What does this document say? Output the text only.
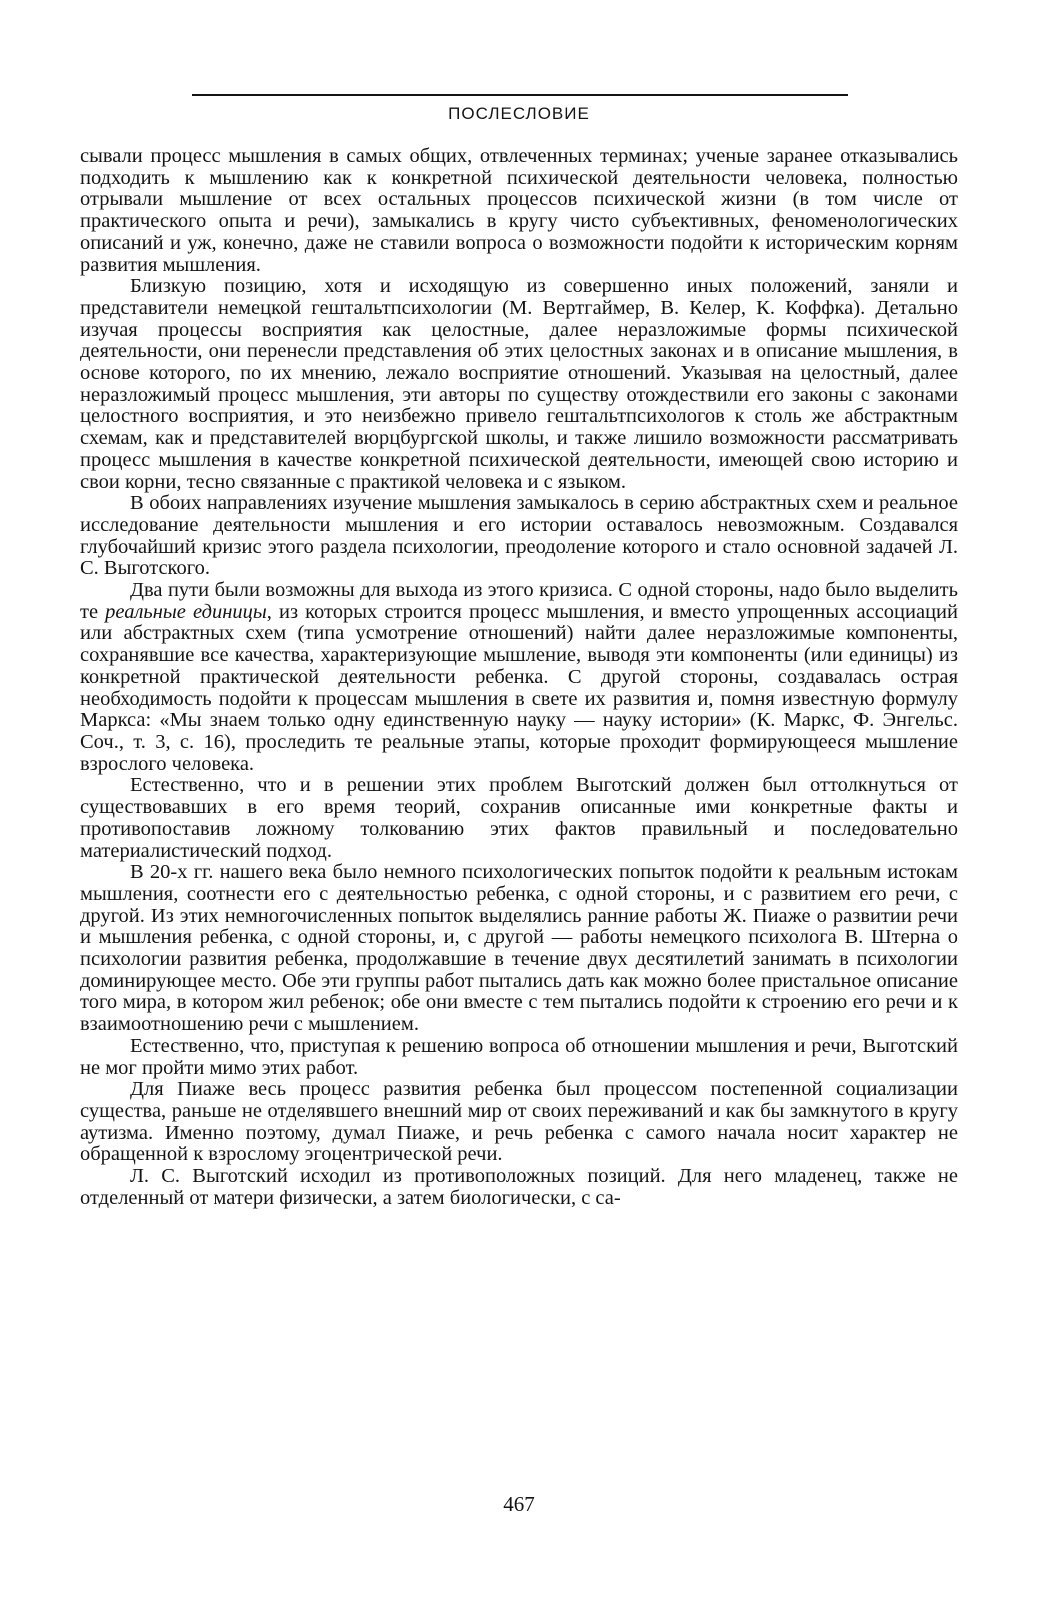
ПОСЛЕСЛОВИЕ

сывали процесс мышления в самых общих, отвлеченных терминах; ученые заранее отказывались подходить к мышлению как к конкретной психической деятельности человека, полностью отрывали мышление от всех остальных процессов психической жизни (в том числе от практического опыта и речи), замыкались в кругу чисто субъективных, феноменологических описаний и уж, конечно, даже не ставили вопроса о возможности подойти к историческим корням развития мышления.

Близкую позицию, хотя и исходящую из совершенно иных положений, заняли и представители немецкой гештальтпсихологии (М. Вертгаймер, В. Келер, К. Коффка). Детально изучая процессы восприятия как целостные, далее неразложимые формы психической деятельности, они перенесли представления об этих целостных законах и в описание мышления, в основе которого, по их мнению, лежало восприятие отношений. Указывая на целостный, далее неразложимый процесс мышления, эти авторы по существу отождествили его законы с законами целостного восприятия, и это неизбежно привело гештальтпсихологов к столь же абстрактным схемам, как и представителей вюрцбургской школы, и также лишило возможности рассматривать процесс мышления в качестве конкретной психической деятельности, имеющей свою историю и свои корни, тесно связанные с практикой человека и с языком.

В обоих направлениях изучение мышления замыкалось в серию абстрактных схем и реальное исследование деятельности мышления и его истории оставалось невозможным. Создавался глубочайший кризис этого раздела психологии, преодоление которого и стало основной задачей Л. С. Выготского.

Два пути были возможны для выхода из этого кризиса. С одной стороны, надо было выделить те реальные единицы, из которых строится процесс мышления, и вместо упрощенных ассоциаций или абстрактных схем (типа усмотрение отношений) найти далее неразложимые компоненты, сохранявшие все качества, характеризующие мышление, выводя эти компоненты (или единицы) из конкретной практической деятельности ребенка. С другой стороны, создавалась острая необходимость подойти к процессам мышления в свете их развития и, помня известную формулу Маркса: «Мы знаем только одну единственную науку — науку истории» (К. Маркс, Ф. Энгельс. Соч., т. 3, с. 16), проследить те реальные этапы, которые проходит формирующееся мышление взрослого человека.

Естественно, что и в решении этих проблем Выготский должен был оттолкнуться от существовавших в его время теорий, сохранив описанные ими конкретные факты и противопоставив ложному толкованию этих фактов правильный и последовательно материалистический подход.

В 20-х гг. нашего века было немного психологических попыток подойти к реальным истокам мышления, соотнести его с деятельностью ребенка, с одной стороны, и с развитием его речи, с другой. Из этих немногочисленных попыток выделялись ранние работы Ж. Пиаже о развитии речи и мышления ребенка, с одной стороны, и, с другой — работы немецкого психолога В. Штерна о психологии развития ребенка, продолжавшие в течение двух десятилетий занимать в психологии доминирующее место. Обе эти группы работ пытались дать как можно более пристальное описание того мира, в котором жил ребенок; обе они вместе с тем пытались подойти к строению его речи и к взаимоотношению речи с мышлением.

Естественно, что, приступая к решению вопроса об отношении мышления и речи, Выготский не мог пройти мимо этих работ.

Для Пиаже весь процесс развития ребенка был процессом постепенной социализации существа, раньше не отделявшего внешний мир от своих переживаний и как бы замкнутого в кругу аутизма. Именно поэтому, думал Пиаже, и речь ребенка с самого начала носит характер не обращенной к взрослому эгоцентрической речи.

Л. С. Выготский исходил из противоположных позиций. Для него младенец, также не отделенный от матери физически, а затем биологически, с са-

467
